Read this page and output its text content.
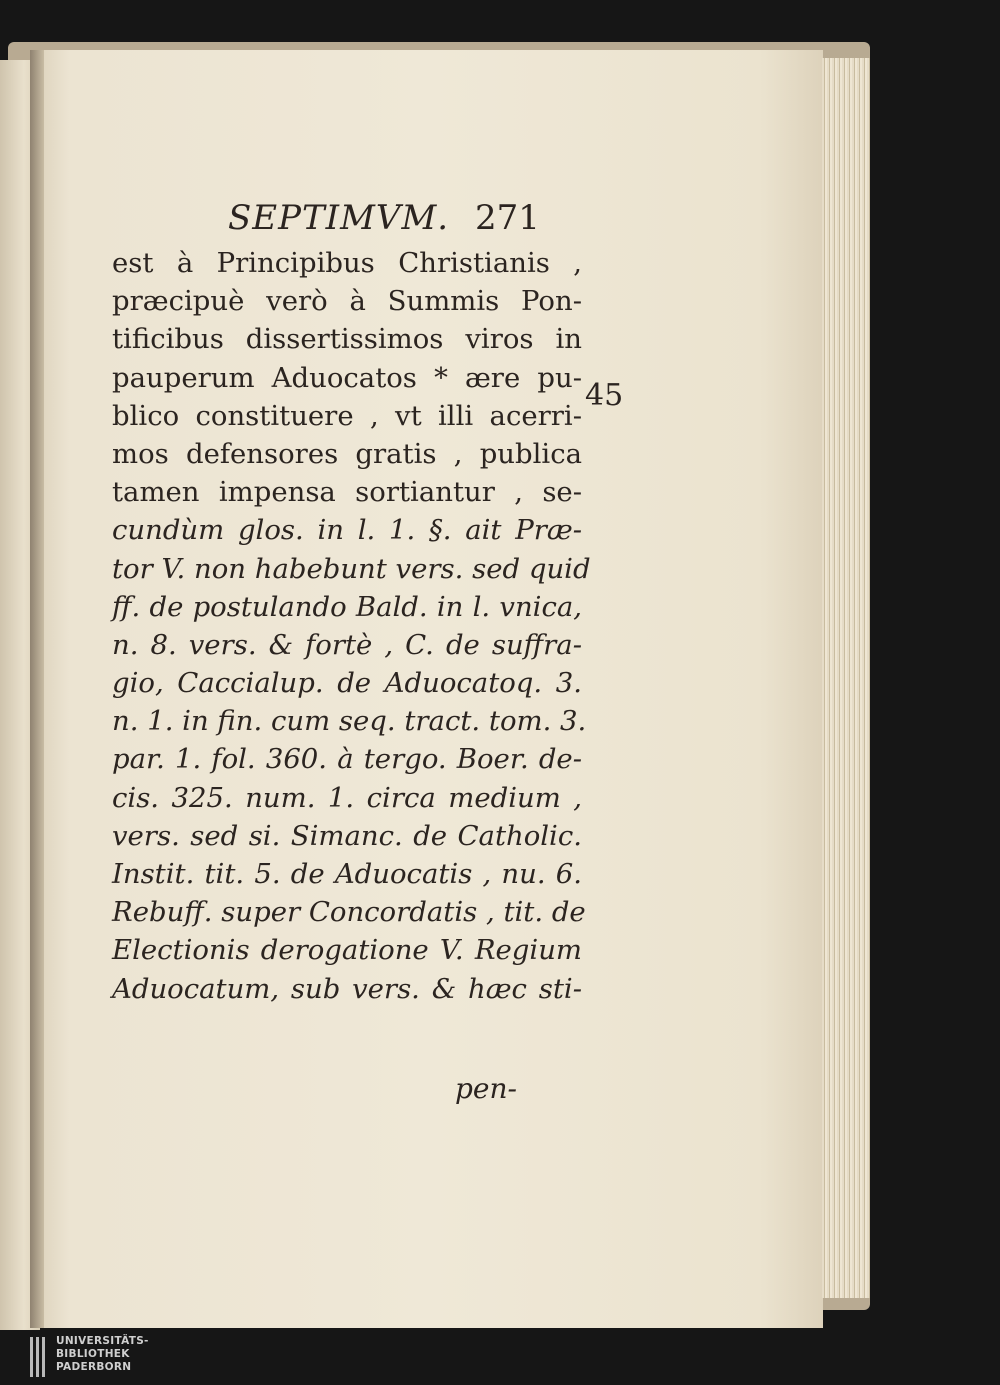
SEPTIMVM. 271
45
est à Principibus Christianis ,
præcipuè verò à Summis Pon-
tificibus dissertissimos viros in
pauperum Aduocatos * ære pu-
blico constituere , vt illi acerri-
mos defensores gratis , publica
tamen impensa sortiantur , se-
cundùm glos. in l. 1. §. ait Præ-
tor V. non habebunt vers. sed quid
ff. de postulando Bald. in l. vnica,
n. 8. vers. & fortè , C. de suffra-
gio, Caccialup. de Aduocatoq. 3.
n. 1. in fin. cum seq. tract. tom. 3.
par. 1. fol. 360. à tergo. Boer. de-
cis. 325. num. 1. circa medium ,
vers. sed si. Simanc. de Catholic.
Instit. tit. 5. de Aduocatis , nu. 6.
Rebuff. super Concordatis , tit. de
Electionis derogatione V. Regium
Aduocatum, sub vers. & hæc sti-
pen-
UNIVERSITÄTS-
BIBLIOTHEK
PADERBORN
